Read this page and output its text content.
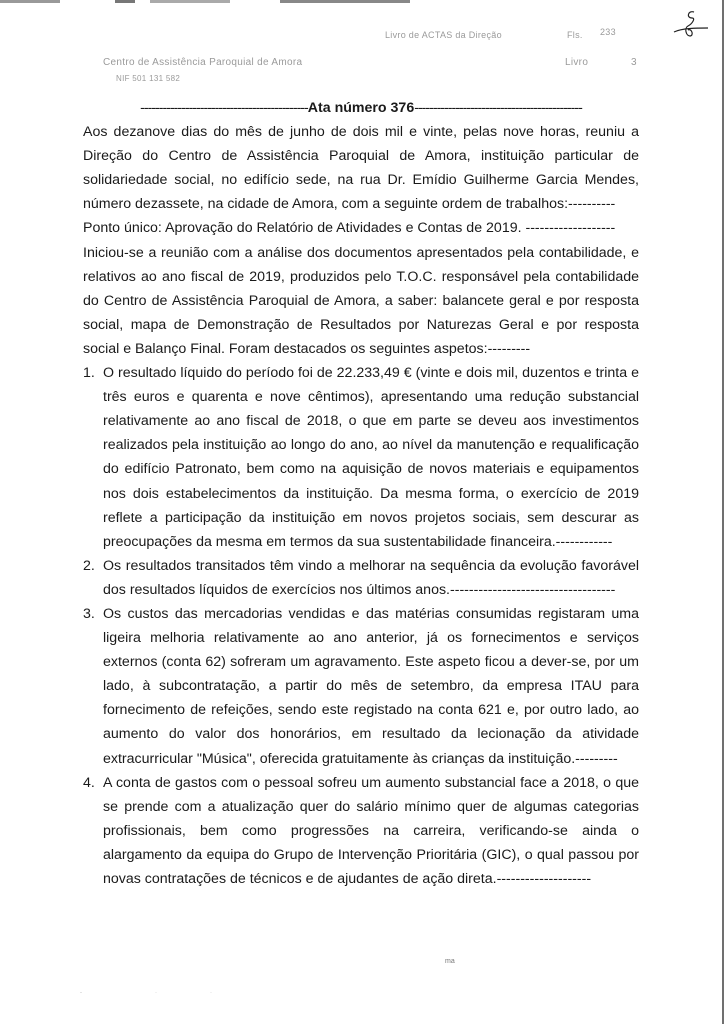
Livro de ACTAS da Direção	Fls. 233
Centro de Assistência Paroquial de Amora	Livro	3
NIF 501 131 582
---------------------------------------------Ata número 376---------------------------------------------
Aos dezanove dias do mês de junho de dois mil e vinte, pelas nove horas, reuniu a Direção do Centro de Assistência Paroquial de Amora, instituição particular de solidariedade social, no edifício sede, na rua Dr. Emídio Guilherme Garcia Mendes, número dezassete, na cidade de Amora, com a seguinte ordem de trabalhos:----------
Ponto único: Aprovação do Relatório de Atividades e Contas de 2019. -------------------
Iniciou-se a reunião com a análise dos documentos apresentados pela contabilidade, e relativos ao ano fiscal de 2019, produzidos pelo T.O.C. responsável pela contabilidade do Centro de Assistência Paroquial de Amora, a saber: balancete geral e por resposta social, mapa de Demonstração de Resultados por Naturezas Geral e por resposta social e Balanço Final. Foram destacados os seguintes aspetos:---------
1. O resultado líquido do período foi de 22.233,49 € (vinte e dois mil, duzentos e trinta e três euros e quarenta e nove cêntimos), apresentando uma redução substancial relativamente ao ano fiscal de 2018, o que em parte se deveu aos investimentos realizados pela instituição ao longo do ano, ao nível da manutenção e requalificação do edifício Patronato, bem como na aquisição de novos materiais e equipamentos nos dois estabelecimentos da instituição. Da mesma forma, o exercício de 2019 reflete a participação da instituição em novos projetos sociais, sem descurar as preocupações da mesma em termos da sua sustentabilidade financeira.------------
2. Os resultados transitados têm vindo a melhorar na sequência da evolução favorável dos resultados líquidos de exercícios nos últimos anos.-----------------------------------
3. Os custos das mercadorias vendidas e das matérias consumidas registaram uma ligeira melhoria relativamente ao ano anterior, já os fornecimentos e serviços externos (conta 62) sofreram um agravamento. Este aspeto ficou a dever-se, por um lado, à subcontratação, a partir do mês de setembro, da empresa ITAU para fornecimento de refeições, sendo este registado na conta 621 e, por outro lado, ao aumento do valor dos honorários, em resultado da lecionação da atividade extracurricular "Música", oferecida gratuitamente às crianças da instituição.---------
4. A conta de gastos com o pessoal sofreu um aumento substancial face a 2018, o que se prende com a atualização quer do salário mínimo quer de algumas categorias profissionais, bem como progressões na carreira, verificando-se ainda o alargamento da equipa do Grupo de Intervenção Prioritária (GIC), o qual passou por novas contratações de técnicos e de ajudantes de ação direta.--------------------
ma
-	·	·
